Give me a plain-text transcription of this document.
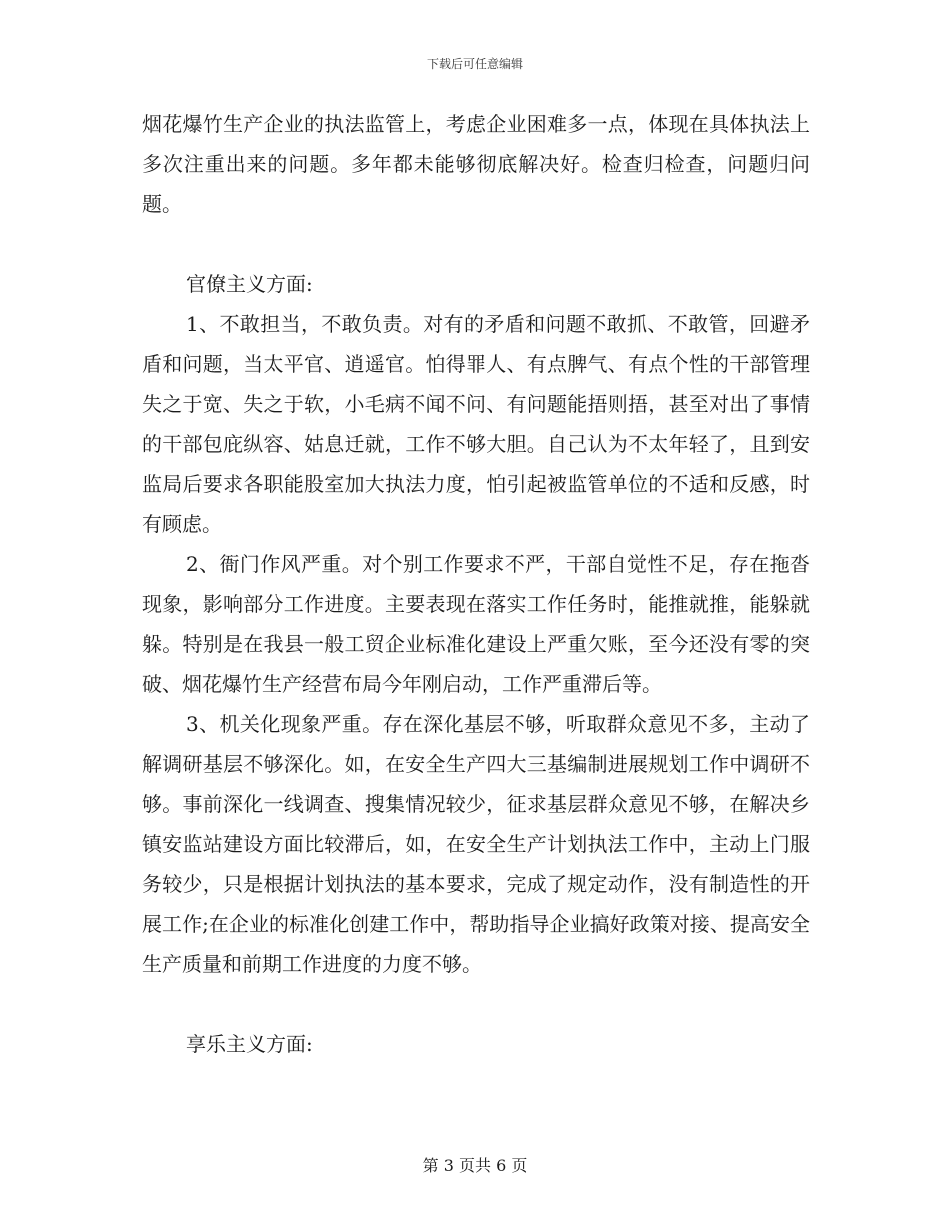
下载后可任意编辑

烟花爆竹生产企业的执法监管上，考虑企业困难多一点，体现在具体执法上多次注重出来的问题。多年都未能够彻底解决好。检查归检查，问题归问题。

官僚主义方面:

1、不敢担当，不敢负责。对有的矛盾和问题不敢抓、不敢管，回避矛盾和问题，当太平官、逍遥官。怕得罪人、有点脾气、有点个性的干部管理失之于宽、失之于软，小毛病不闻不问、有问题能捂则捂，甚至对出了事情的干部包庇纵容、姑息迁就，工作不够大胆。自己认为不太年轻了，且到安监局后要求各职能股室加大执法力度，怕引起被监管单位的不适和反感，时有顾虑。

2、衙门作风严重。对个别工作要求不严，干部自觉性不足，存在拖沓现象，影响部分工作进度。主要表现在落实工作任务时，能推就推，能躲就躲。特别是在我县一般工贸企业标准化建设上严重欠账，至今还没有零的突破、烟花爆竹生产经营布局今年刚启动，工作严重滞后等。

3、机关化现象严重。存在深化基层不够，听取群众意见不多，主动了解调研基层不够深化。如，在安全生产四大三基编制进展规划工作中调研不够。事前深化一线调查、搜集情况较少，征求基层群众意见不够，在解决乡镇安监站建设方面比较滞后，如，在安全生产计划执法工作中，主动上门服务较少，只是根据计划执法的基本要求，完成了规定动作，没有制造性的开展工作;在企业的标准化创建工作中，帮助指导企业搞好政策对接、提高安全生产质量和前期工作进度的力度不够。

享乐主义方面:

第 3 页共 6 页
